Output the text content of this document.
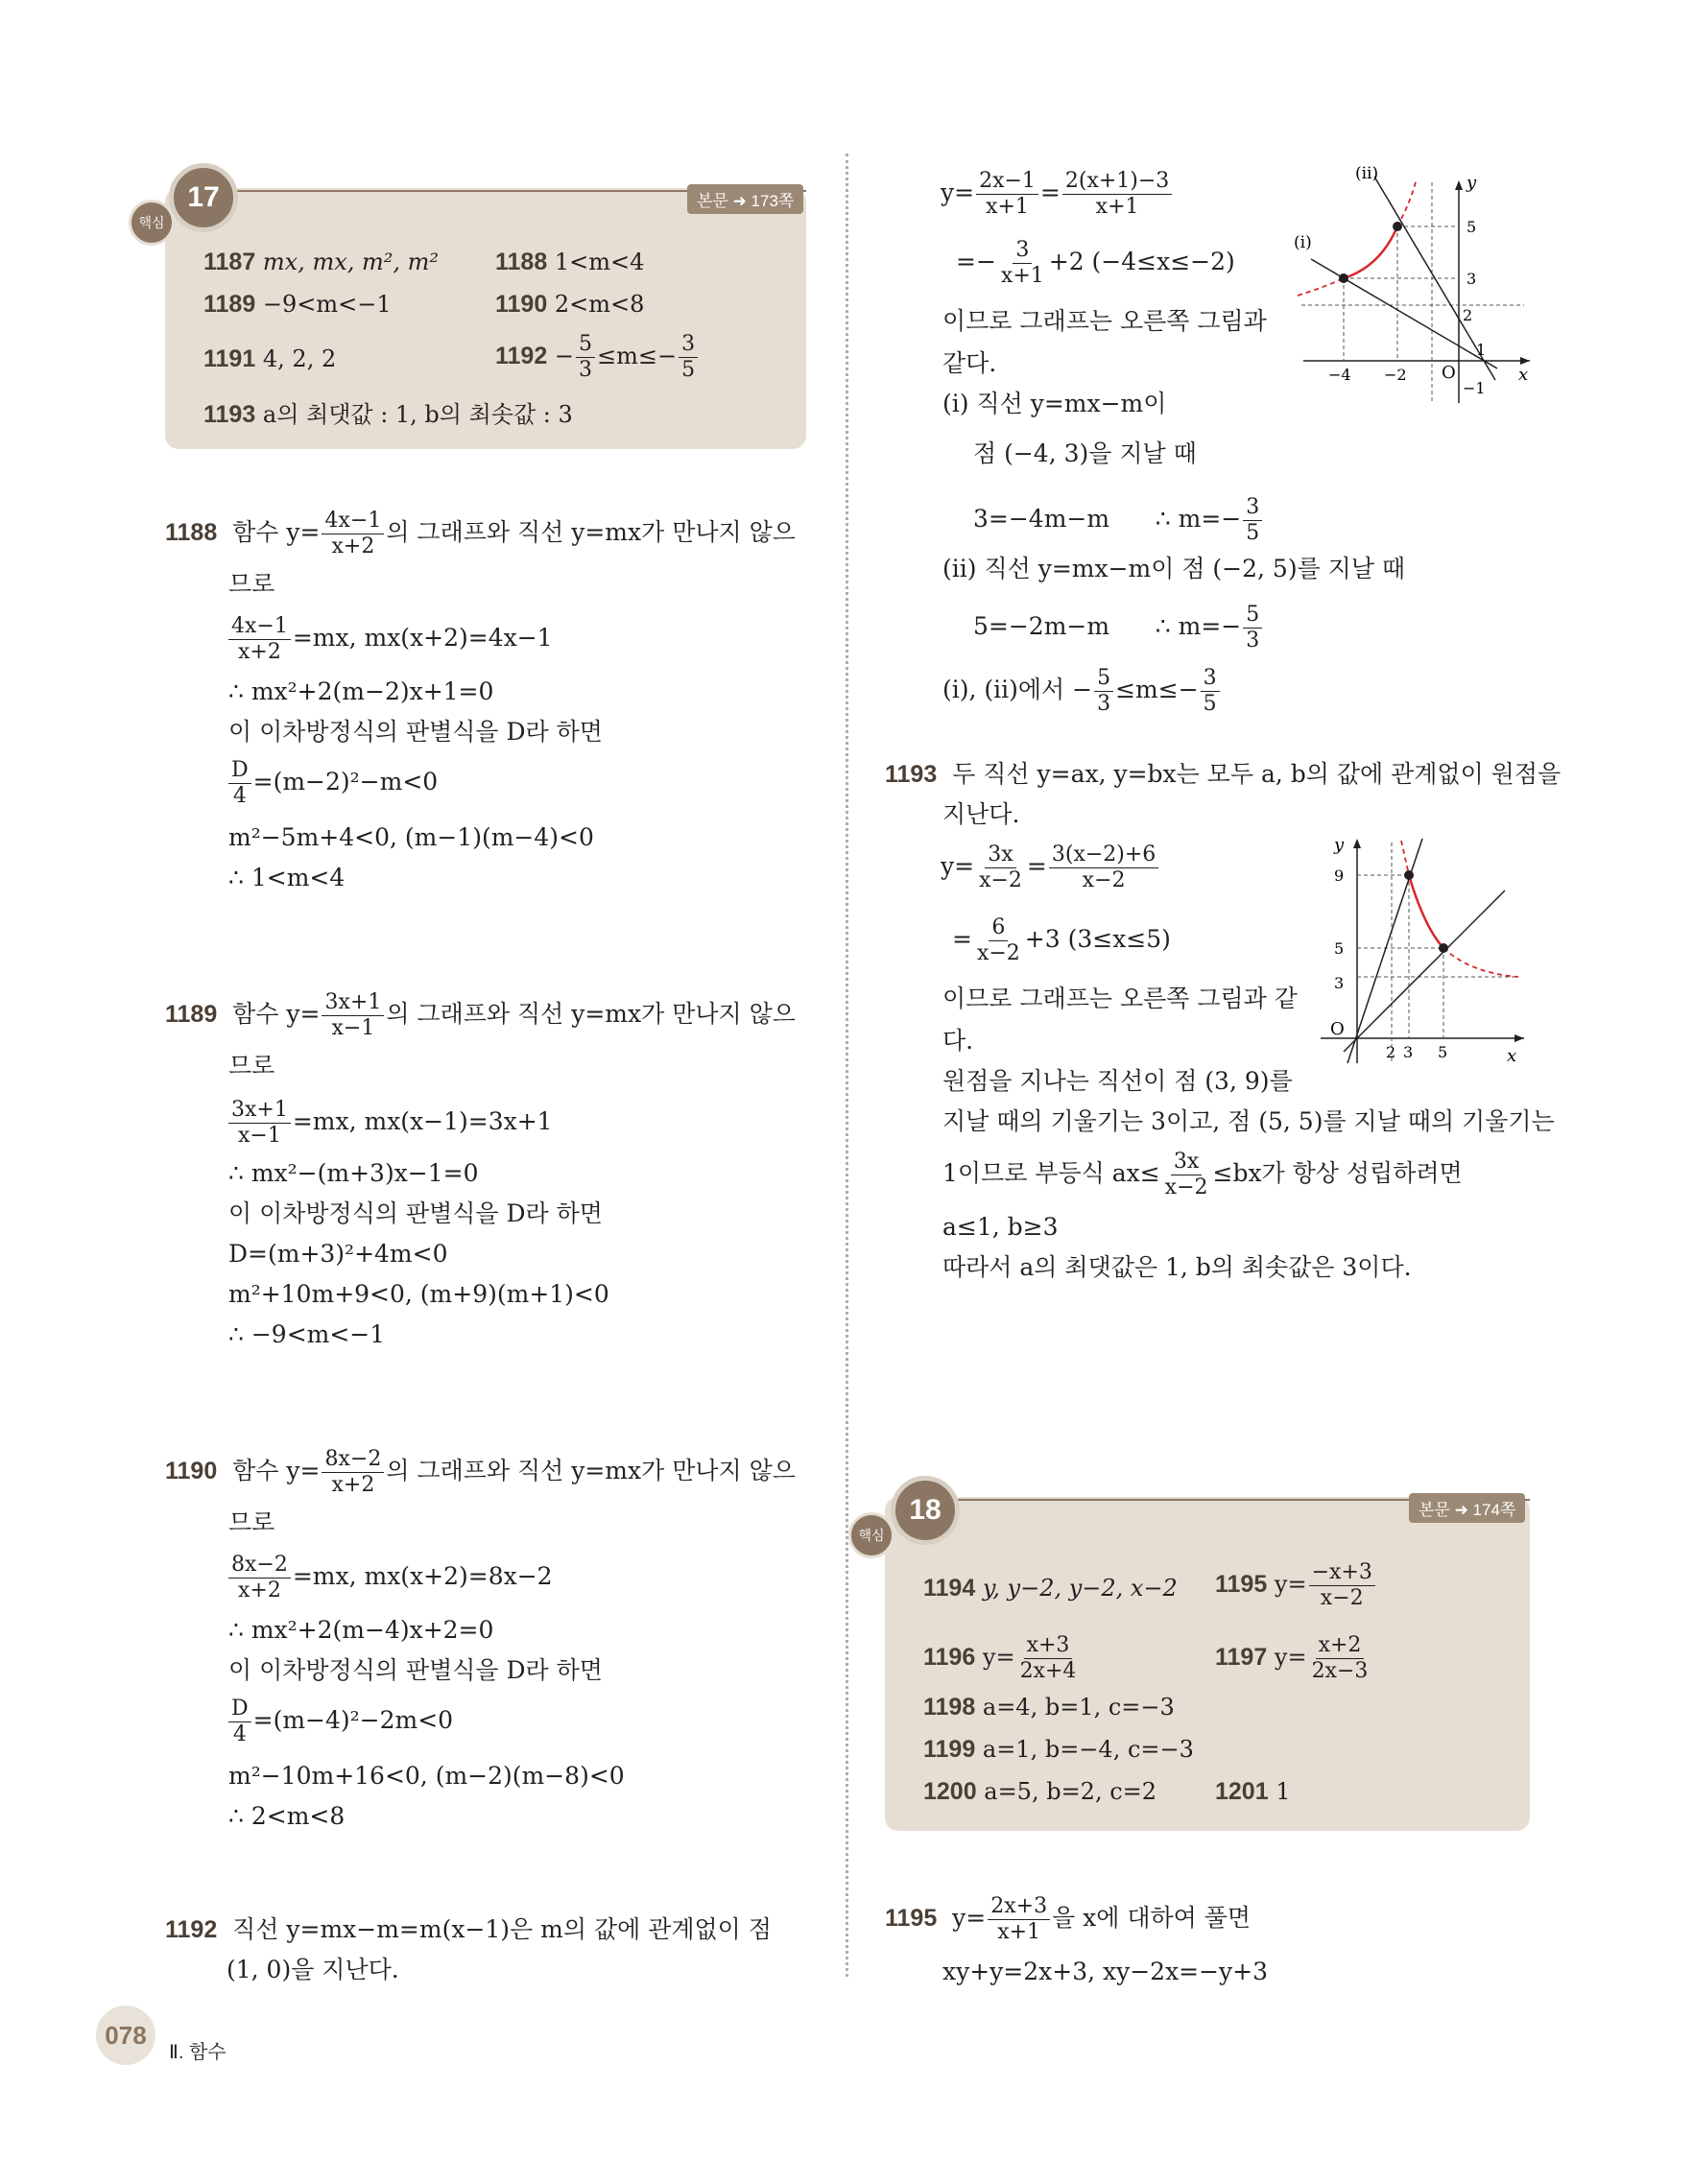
핵심
17	본문 ➜ 173쪽
1187 mx, mx, m², m² 1188 1<m<4
1189 −9<m<−1	1190 2<m<8
1191 4, 2, 2	$1192 - \frac{5}{3} \le m\le- \frac{3}{5}$
1193 a의 최댓값 : 1, b의 최솟값 : 3
1188 함수 $y= \frac{4x-1}{x+2}$ 의 그래프와 직선 y=mx가 만나지 않으
므로
$\frac{4x-1}{x+2} =mx$, mx(x+2)=4x−1
∴ mx²+2(m−2)x+1=0
이 이차방정식의 판별식을 D라 하면
$\frac{D}{4} =(m-2)^2-m<0$
m²−5m+4<0, (m−1)(m−4)<0
∴ 1<m<4
1189 함수 $y= \frac{3x+1}{x-1}$ 의 그래프와 직선 y=mx가 만나지 않으
므로
$\frac{3x+1}{x-1} =mx$, mx(x−1)=3x+1
∴ mx²−(m+3)x−1=0
이 이차방정식의 판별식을 D라 하면
D=(m+3)²+4m<0
m²+10m+9<0, (m+9)(m+1)<0
∴ −9<m<−1
1190 함수 $y= \frac{8x-2}{x+2}$ 의 그래프와 직선 y=mx가 만나지 않으
므로
$\frac{8x-2}{x+2} =mx$, mx(x+2)=8x−2
∴ mx²+2(m−4)x+2=0
이 이차방정식의 판별식을 D라 하면
$\frac{D}{4} =(m-4)^2-2m<0$
m²−10m+16<0, (m−2)(m−8)<0
∴ 2<m<8
1192 직선 y=mx−m=m(x−1)은 m의 값에 관계없이 점
(1, 0)을 지난다.
$y= \frac{2x-1}{x+1} = \frac{2(x+1)-3}{x+1}$
=− $\frac{3}{x+1} +2$ (−4≤x≤−2)
이므로 그래프는 오른쪽 그림과
같다.
(i) 직선 y=mx−m이
점 (−4, 3)을 지날 때
3=−4m−m ∴ $m=- \frac{3}{5}$
(ii) 직선 y=mx−m이 점 (−2, 5)를 지날 때
5=−2m−m ∴ $m=- \frac{5}{3}$
(i), (ii)에서 − $\frac{5}{3} \le m\le- \frac{3}{5}$
(ⅱ)
(ⅰ)
y
x
O
5
3
2
1
−1
−4 −2
1193 두 직선 y=ax, y=bx는 모두 a, b의 값에 관계없이 원점을
지난다.
$y= \frac{3x}{x-2} = \frac{3(x-2)+6}{x-2}$
= $\frac{6}{x-2} +3$ (3≤x≤5)
이므로 그래프는 오른쪽 그림과 같
다.
원점을 지나는 직선이 점 (3, 9)를
지날 때의 기울기는 3이고, 점 (5, 5)를 지날 때의 기울기는
1이므로 부등식 $ax\le \frac{3x}{x-2} \le bx$가 항상 성립하려면
a≤1, b≥3
따라서 a의 최댓값은 1, b의 최솟값은 3이다.
y
x
O
9
5
3
2 3 5
핵심
18	본문 ➜ 174쪽
1194 y, y−2, y−2, x−2 1195 $y= \frac{-x+3}{x-2}$
1196 $y= \frac{x+3}{2x+4}$	1197 $y= \frac{x+2}{2x-3}$
1198 a=4, b=1, c=−3
1199 a=1, b=−4, c=−3
1200 a=5, b=2, c=2 1201 1
1195 $y= \frac{2x+3}{x+1}$ 을 x에 대하여 풀면
xy+y=2x+3, xy−2x=−y+3
078
Ⅱ. 함수
